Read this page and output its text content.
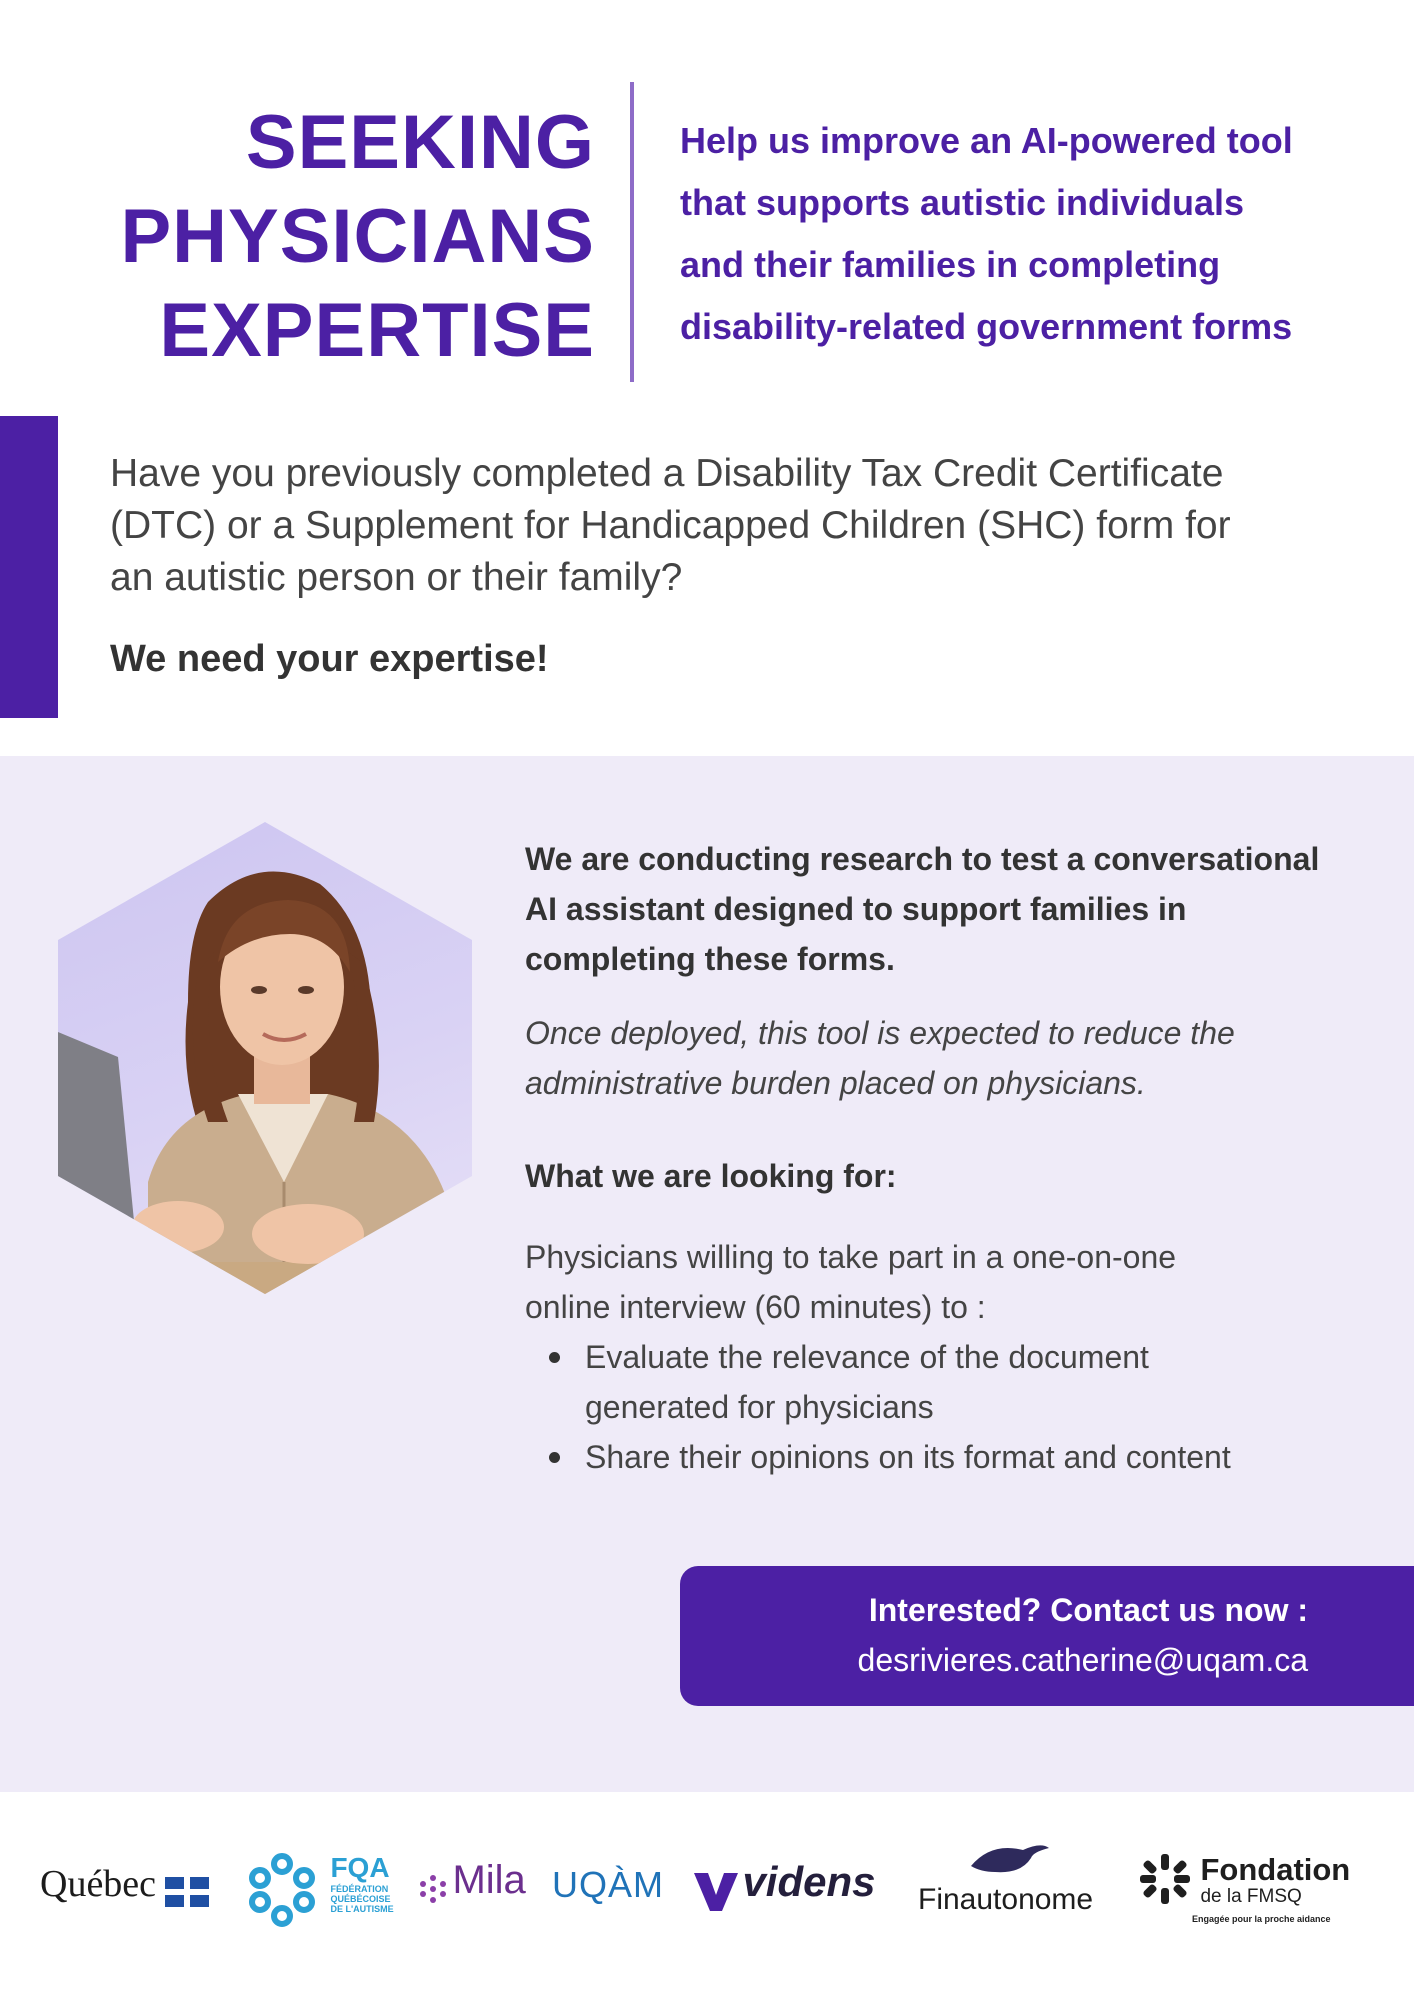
SEEKING
PHYSICIANS
EXPERTISE
Help us improve an AI-powered tool
that supports autistic individuals
and their families in completing
disability-related government forms
Have you previously completed a Disability Tax Credit Certificate
(DTC) or a Supplement for Handicapped Children (SHC) form for
an autistic person or their family?
We need your expertise!
We are conducting research to test a conversational
AI assistant designed to support families in
completing these forms.
Once deployed, this tool is expected to reduce the
administrative burden placed on physicians.
What we are looking for:
Physicians willing to take part in a one-on-one
online interview (60 minutes) to :
Evaluate the relevance of the document
generated for physicians
Share their opinions on its format and content
Interested? Contact us now :
desrivieres.catherine@uqam.ca
Québec
	FQA
FÉDÉRATION
QUÉBÉCOISE
DE L'AUTISME
Mila UQÀM	videns Finautonome

Fondation
de la FMSQ
Engagée pour la proche aidance
